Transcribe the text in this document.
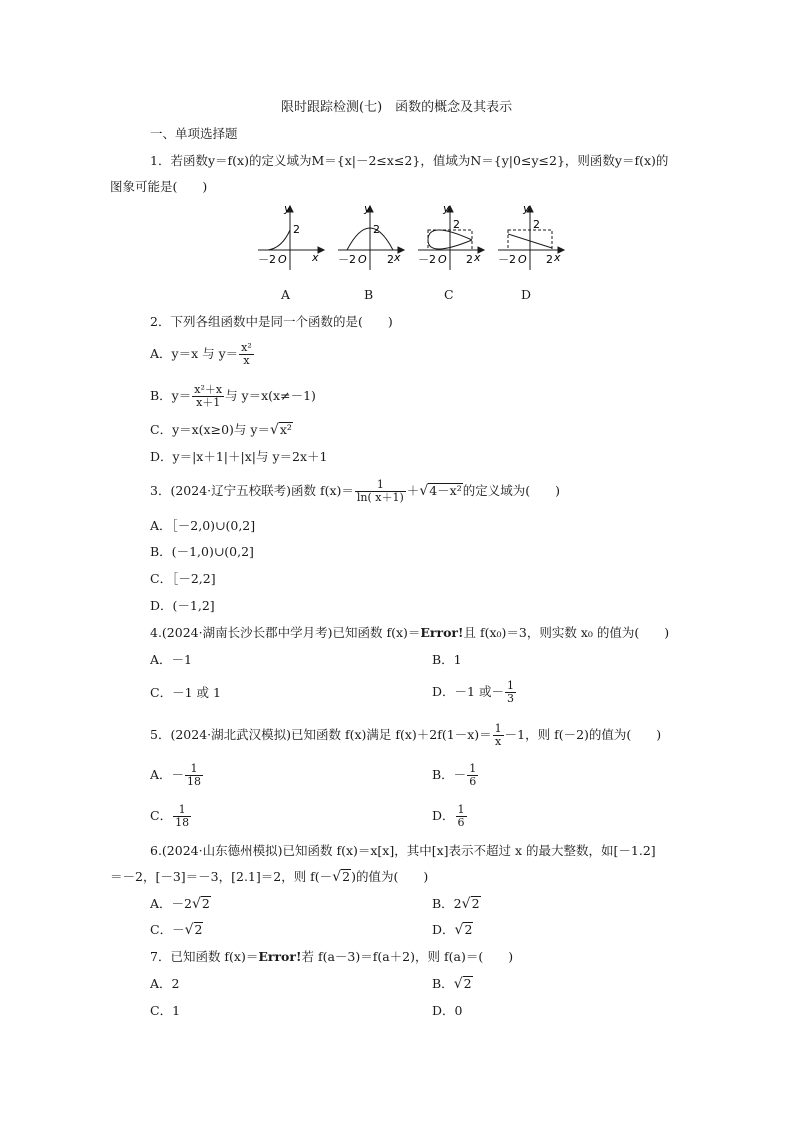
限时跟踪检测(七)　函数的概念及其表示
一、单项选择题
1．若函数y＝f(x)的定义域为M＝{x|－2≤x≤2}，值域为N＝{y|0≤y≤2}，则函数y＝f(x)的
图象可能是(　　)
y
2
－2 O x
y
2
－2 O 2 x
y
2
－2 O 2 x
y
2
－2 O 2 x
A	B	C	D
2．下列各组函数中是同一个函数的是(　　)
A．y＝x 与 $y= \frac{\text{x²}}{x}$
B．$y= \frac{\text{x²＋x}}{x+1}$ 与 y＝x(x≠－1)
C．y＝x(x≥0)与 y＝√x²
D．y＝|x＋1|＋|x|与 y＝2x＋1
3．(2024·辽宁五校联考)函数 $f(x)= \frac{1}{\ln( x+1)} +√4-x^2$的定义域为(　　)
A．［－2,0)∪(0,2]
B．(－1,0)∪(0,2]
C．［－2,2]
D．(－1,2]
4.(2024·湖南长沙长郡中学月考)已知函数 f(x)＝Error!且 f(x₀)＝3，则实数 x₀ 的值为(　　)
A．－1	B．1
C．－1 或 1	D．－1 或－ $\frac{1}{3}$
5．(2024·湖北武汉模拟)已知函数 f(x)满足 $f(x)+2f(1-x)= \frac{1}{x} -1$，则 f(－2)的值为(　　)
A．－ $\frac{1}{18}$	B．－ $\frac{1}{6}$
C． $\frac{1}{18}$	D． $\frac{1}{6}$
6.(2024·山东德州模拟)已知函数 f(x)＝x[x]，其中[x]表示不超过 x 的最大整数，如[－1.2]
＝－2，[－3]＝－3，[2.1]＝2，则 f(－√2)的值为(　　)
A．－2√2	B．2√2
C．－√2	D．√2
7．已知函数 f(x)＝Error!若 f(a－3)＝f(a＋2)，则 f(a)＝(　　)
A．2	B．√2
C．1	D．0
